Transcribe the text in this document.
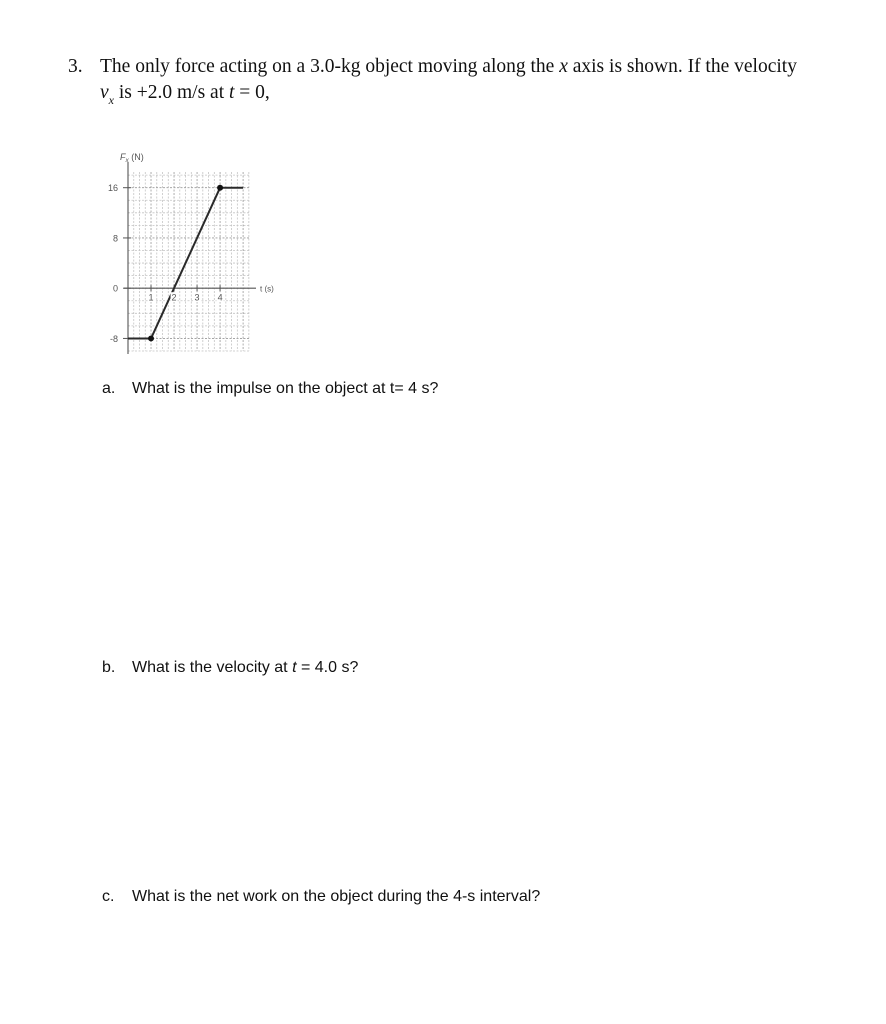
3. The only force acting on a 3.0-kg object moving along the x axis is shown. If the velocity
$v_x$ is +2.0 m/s at t = 0,
16
8
0
-8
1 2 3 4
$F_x$ (N)
t (s)
a. What is the impulse on the object at t= 4 s?
b. What is the velocity at t = 4.0 s?
c. What is the net work on the object during the 4-s interval?
